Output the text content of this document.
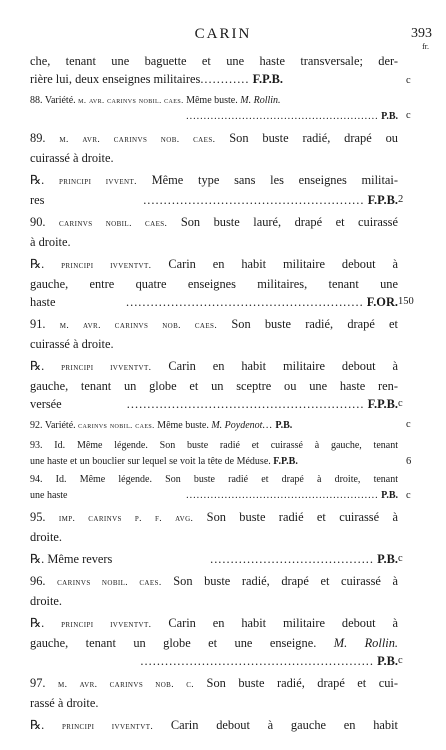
CARIN	393
fr.
che, tenant une baguette et une haste transversale; der-
rière lui, deux enseignes militaires............ F.P.B.	c
88. Variété. m. avr. carinvs nobil. caes. Même buste. M. Rollin.
....................................................... P.B. c
89. m. avr. carinvs nob. caes. Son buste radié, drapé ou
cuirassé à droite.
℞. principi ivvent. Même type sans les enseignes militai-
res	...................................................... F.P.B. 2
90. carinvs nobil. caes. Son buste lauré, drapé et cuirassé
à droite.
℞. principi ivventvt. Carin en habit militaire debout à
gauche, entre quatre enseignes militaires, tenant une
haste	.......................................................... F.OR. 150
91. m. avr. carinvs nob. caes. Son buste radié, drapé et
cuirassé à droite.
℞. principi ivventvt. Carin en habit militaire debout à
gauche, tenant un globe et un sceptre ou une haste ren-
versée	.......................................................... F.P.B. c
92. Variété. carinvs nobil. caes. Même buste. M. Poydenot... P.B.	c
93. Id. Même légende. Son buste radié et cuirassé à gauche, tenant
une haste et un bouclier sur lequel se voit la tête de Méduse. F.P.B.	6
94. Id. Même légende. Son buste radié et drapé à droite, tenant
une haste	....................................................... P.B. c
95. imp. carinvs p. f. avg. Son buste radié et cuirassé à
droite.
℞. Même revers	........................................ P.B. c
96. carinvs nobil. caes. Son buste radié, drapé et cuirassé à
droite.
℞. principi ivventvt. Carin en habit militaire debout à
gauche, tenant un globe et une enseigne. M. Rollin.
......................................................... P.B. c
97. m. avr. carinvs nob. c. Son buste radié, drapé et cui-
rassé à droite.
℞. principi ivventvt. Carin debout à gauche en habit
